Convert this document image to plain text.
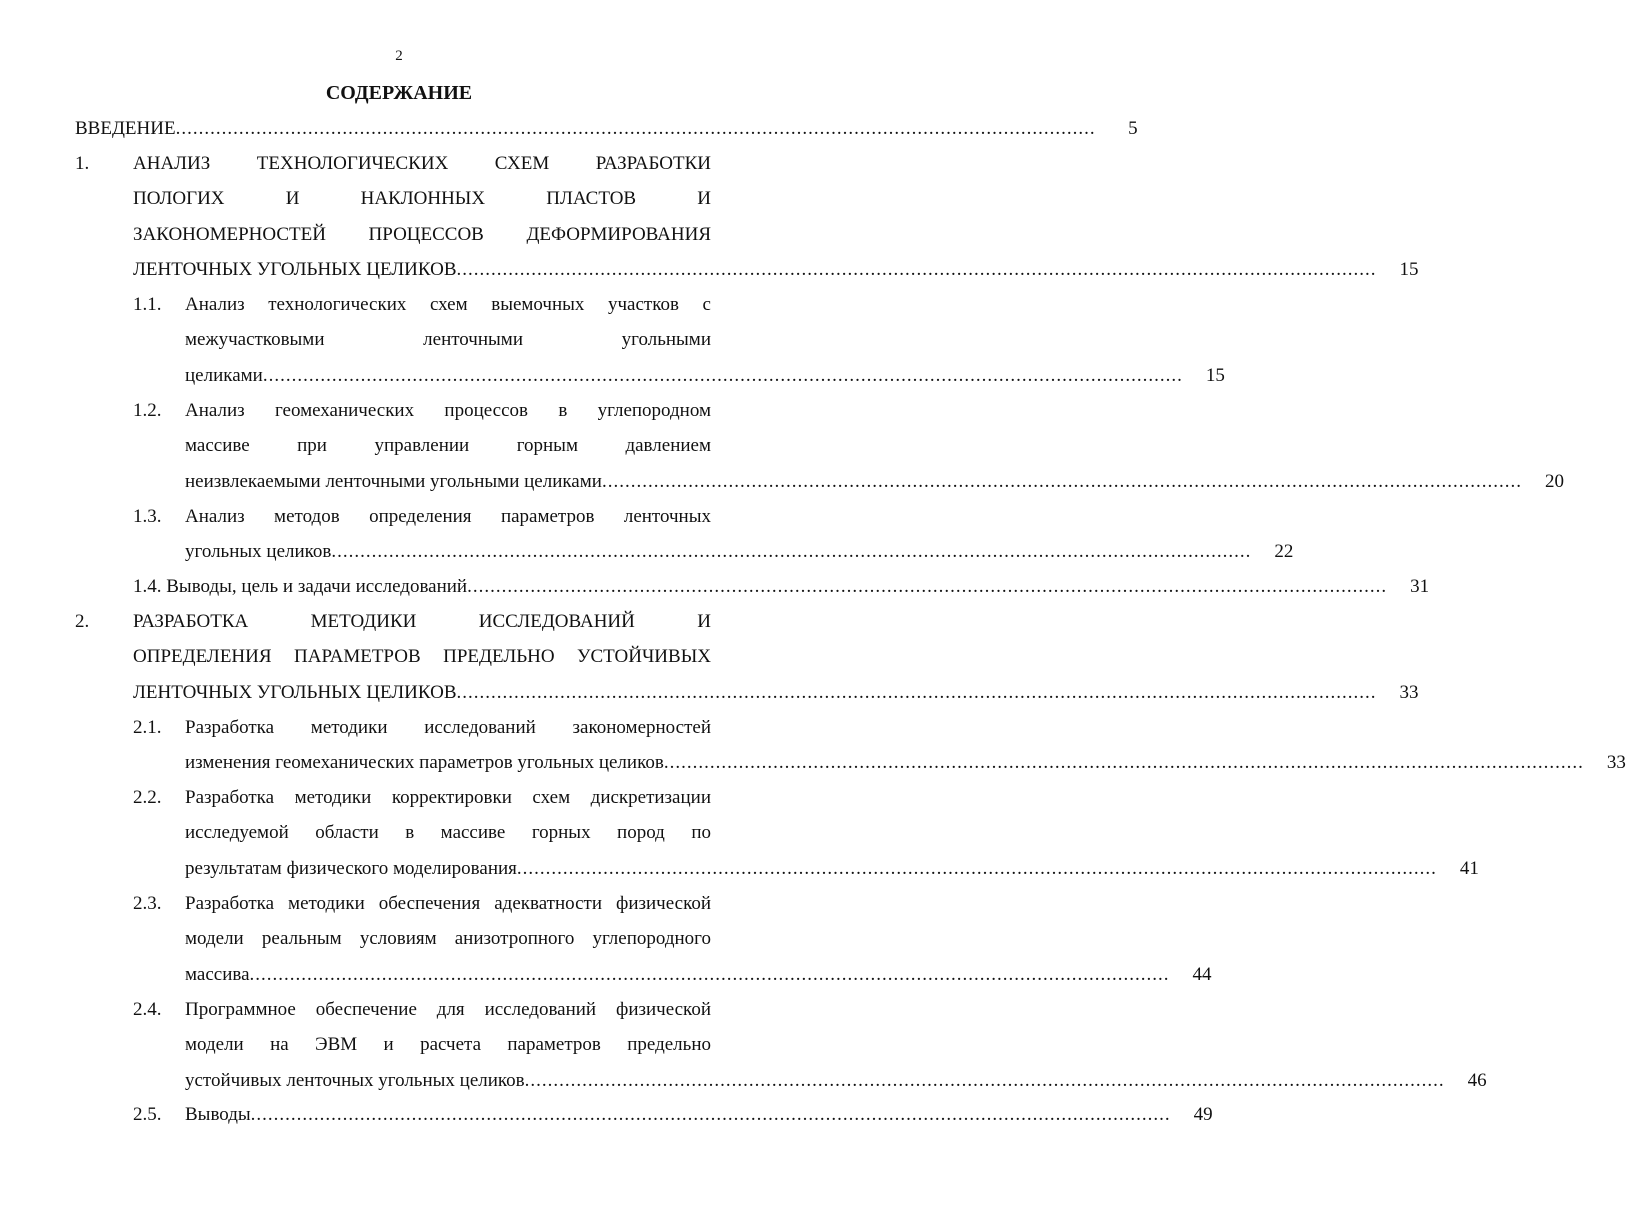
2
СОДЕРЖАНИЕ
ВВЕДЕНИЕ ................................................................................................................................................................	5
1. АНАЛИЗ ТЕХНОЛОГИЧЕСКИХ СХЕМ РАЗРАБОТКИ
ПОЛОГИХ И НАКЛОННЫХ ПЛАСТОВ И
ЗАКОНОМЕРНОСТЕЙ ПРОЦЕССОВ ДЕФОРМИРОВАНИЯ
ЛЕНТОЧНЫХ УГОЛЬНЫХ ЦЕЛИКОВ ................................................................................................................................................................	15
1.1. Анализ технологических схем выемочных участков с
межучастковыми ленточными угольными
целиками ................................................................................................................................................................	15
1.2. Анализ геомеханических процессов в углепородном
массиве при управлении горным давлением
неизвлекаемыми ленточными угольными целиками ................................................................................................................................................................	20
1.3. Анализ методов определения параметров ленточных
угольных целиков ................................................................................................................................................................	22
1.4. Выводы, цель и задачи исследований ................................................................................................................................................................	31
2. РАЗРАБОТКА МЕТОДИКИ ИССЛЕДОВАНИЙ И
ОПРЕДЕЛЕНИЯ ПАРАМЕТРОВ ПРЕДЕЛЬНО УСТОЙЧИВЫХ
ЛЕНТОЧНЫХ УГОЛЬНЫХ ЦЕЛИКОВ ................................................................................................................................................................	33
2.1. Разработка методики исследований закономерностей
изменения геомеханических параметров угольных целиков ................................................................................................................................................................	33
2.2. Разработка методики корректировки схем дискретизации
исследуемой области в массиве горных пород по
результатам физического моделирования ................................................................................................................................................................	41
2.3. Разработка методики обеспечения адекватности физической
модели реальным условиям анизотропного углепородного
массива ................................................................................................................................................................	44
2.4. Программное обеспечение для исследований физической
модели на ЭВМ и расчета параметров предельно
устойчивых ленточных угольных целиков ................................................................................................................................................................	46
2.5. Выводы ................................................................................................................................................................	49
